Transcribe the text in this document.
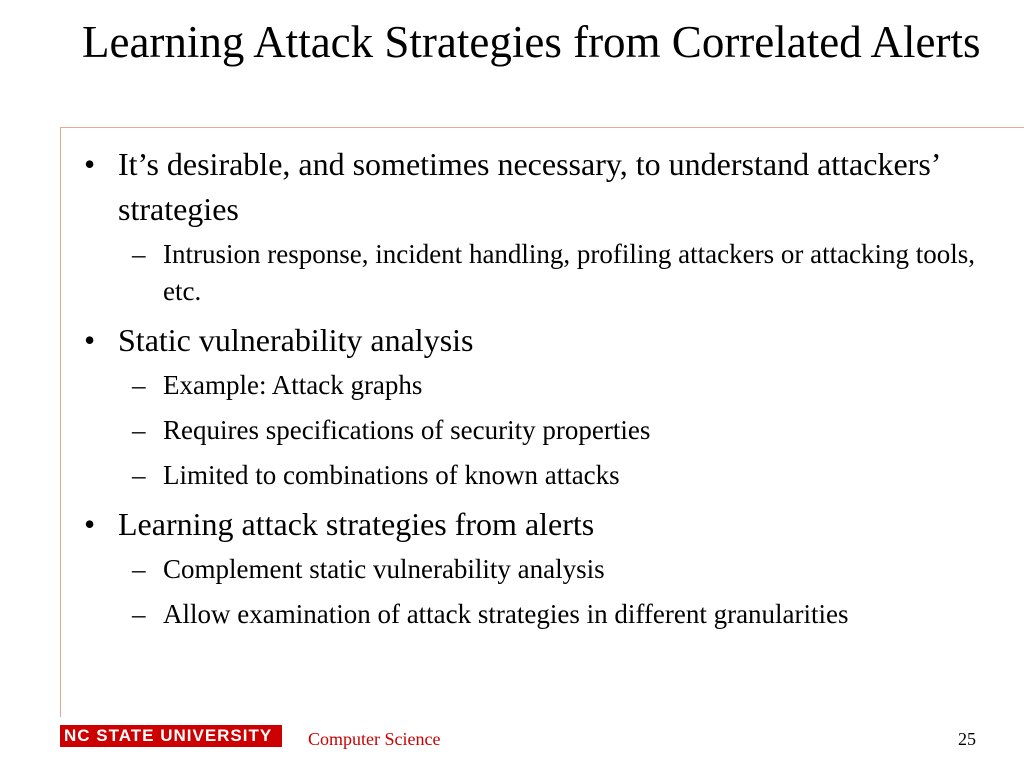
Learning Attack Strategies from Correlated Alerts
• It’s desirable, and sometimes necessary, to understand attackers’ strategies
– Intrusion response, incident handling, profiling attackers or attacking tools, etc.
• Static vulnerability analysis
– Example: Attack graphs
– Requires specifications of security properties
– Limited to combinations of known attacks
• Learning attack strategies from alerts
– Complement static vulnerability analysis
– Allow examination of attack strategies in different granularities
NC STATE UNIVERSITY	Computer Science	25
